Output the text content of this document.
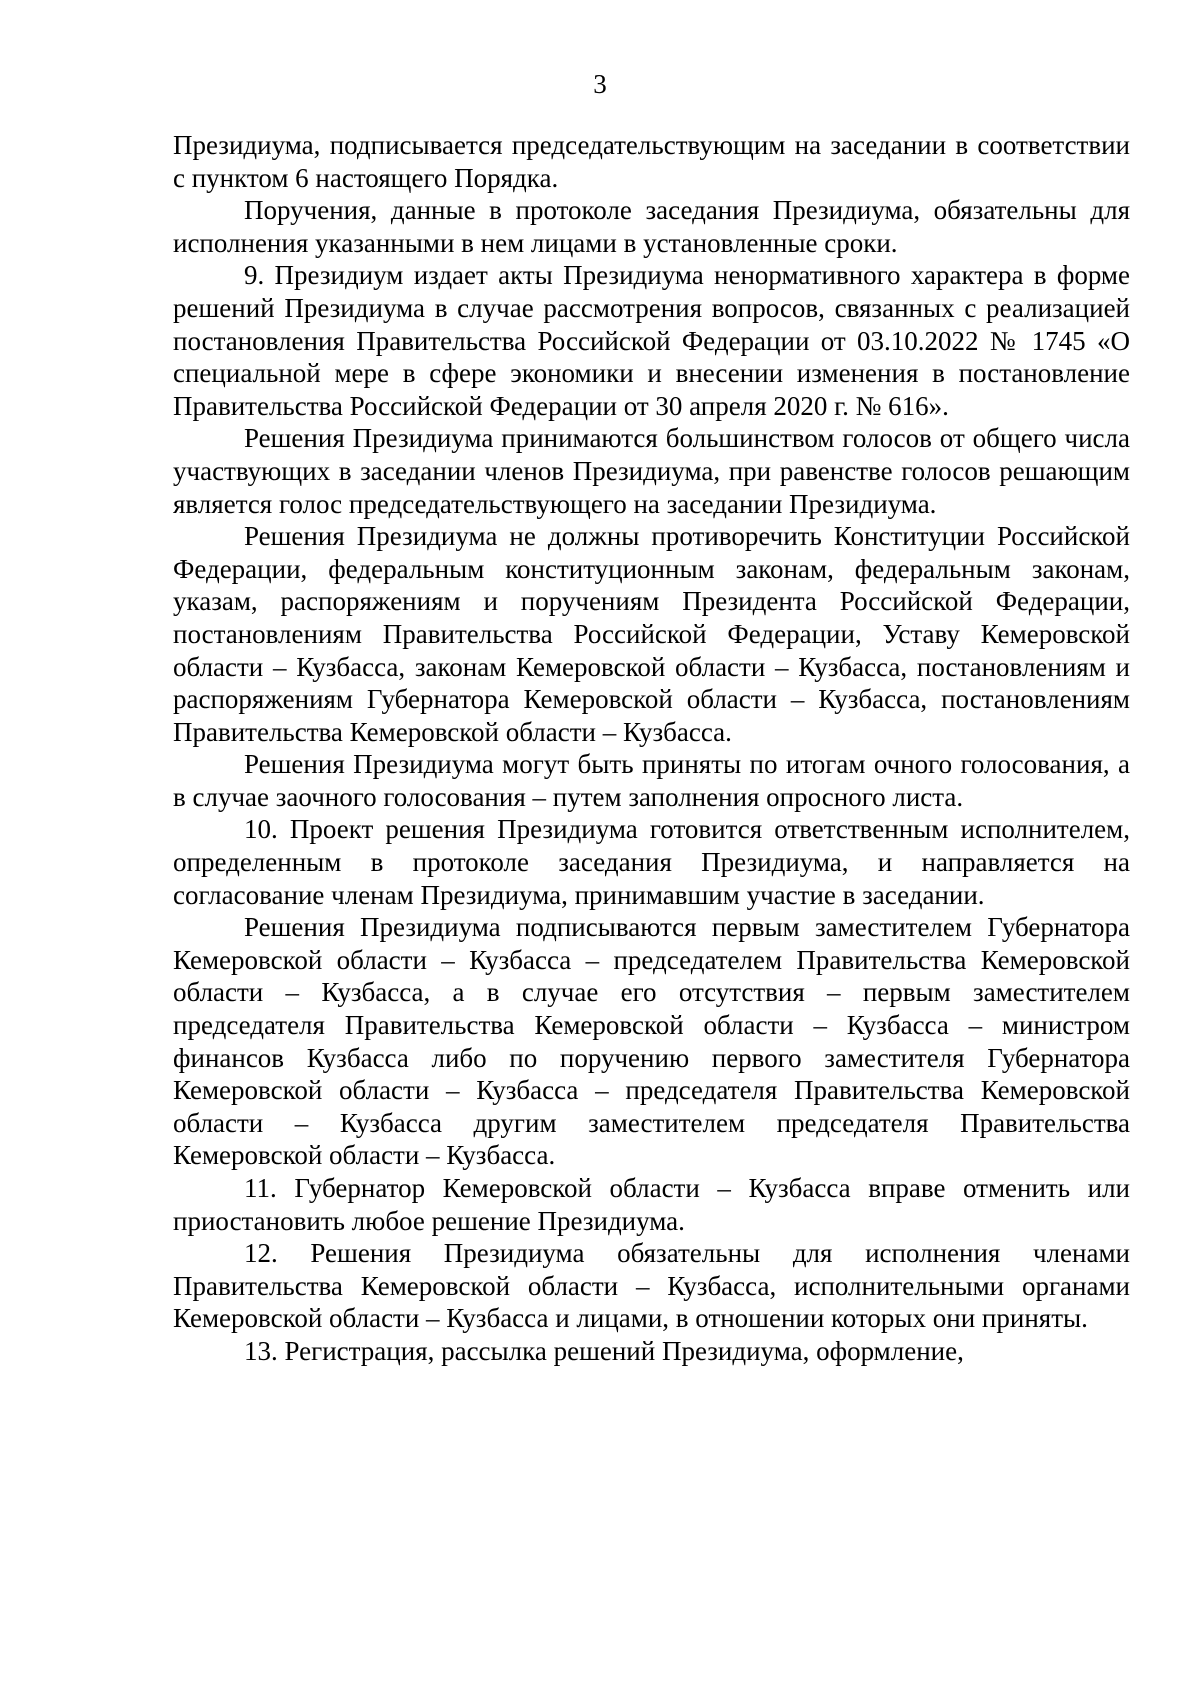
3

Президиума, подписывается председательствующим на заседании в соответствии с пунктом 6 настоящего Порядка.

Поручения, данные в протоколе заседания Президиума, обязательны для исполнения указанными в нем лицами в установленные сроки.

9. Президиум издает акты Президиума ненормативного характера в форме решений Президиума в случае рассмотрения вопросов, связанных с реализацией постановления Правительства Российской Федерации от 03.10.2022 № 1745 «О специальной мере в сфере экономики и внесении изменения в постановление Правительства Российской Федерации от 30 апреля 2020 г. № 616».

Решения Президиума принимаются большинством голосов от общего числа участвующих в заседании членов Президиума, при равенстве голосов решающим является голос председательствующего на заседании Президиума.

Решения Президиума не должны противоречить Конституции Российской Федерации, федеральным конституционным законам, федеральным законам, указам, распоряжениям и поручениям Президента Российской Федерации, постановлениям Правительства Российской Федерации, Уставу Кемеровской области – Кузбасса, законам Кемеровской области – Кузбасса, постановлениям и распоряжениям Губернатора Кемеровской области – Кузбасса, постановлениям Правительства Кемеровской области – Кузбасса.

Решения Президиума могут быть приняты по итогам очного голосования, а в случае заочного голосования – путем заполнения опросного листа.

10. Проект решения Президиума готовится ответственным исполнителем, определенным в протоколе заседания Президиума, и направляется на согласование членам Президиума, принимавшим участие в заседании.

Решения Президиума подписываются первым заместителем Губернатора Кемеровской области – Кузбасса – председателем Правительства Кемеровской области – Кузбасса, а в случае его отсутствия – первым заместителем председателя Правительства Кемеровской области – Кузбасса – министром финансов Кузбасса либо по поручению первого заместителя Губернатора Кемеровской области – Кузбасса – председателя Правительства Кемеровской области – Кузбасса другим заместителем председателя Правительства Кемеровской области – Кузбасса.

11. Губернатор Кемеровской области – Кузбасса вправе отменить или приостановить любое решение Президиума.

12. Решения Президиума обязательны для исполнения членами Правительства Кемеровской области – Кузбасса, исполнительными органами Кемеровской области – Кузбасса и лицами, в отношении которых они приняты.

13. Регистрация, рассылка решений Президиума, оформление,
